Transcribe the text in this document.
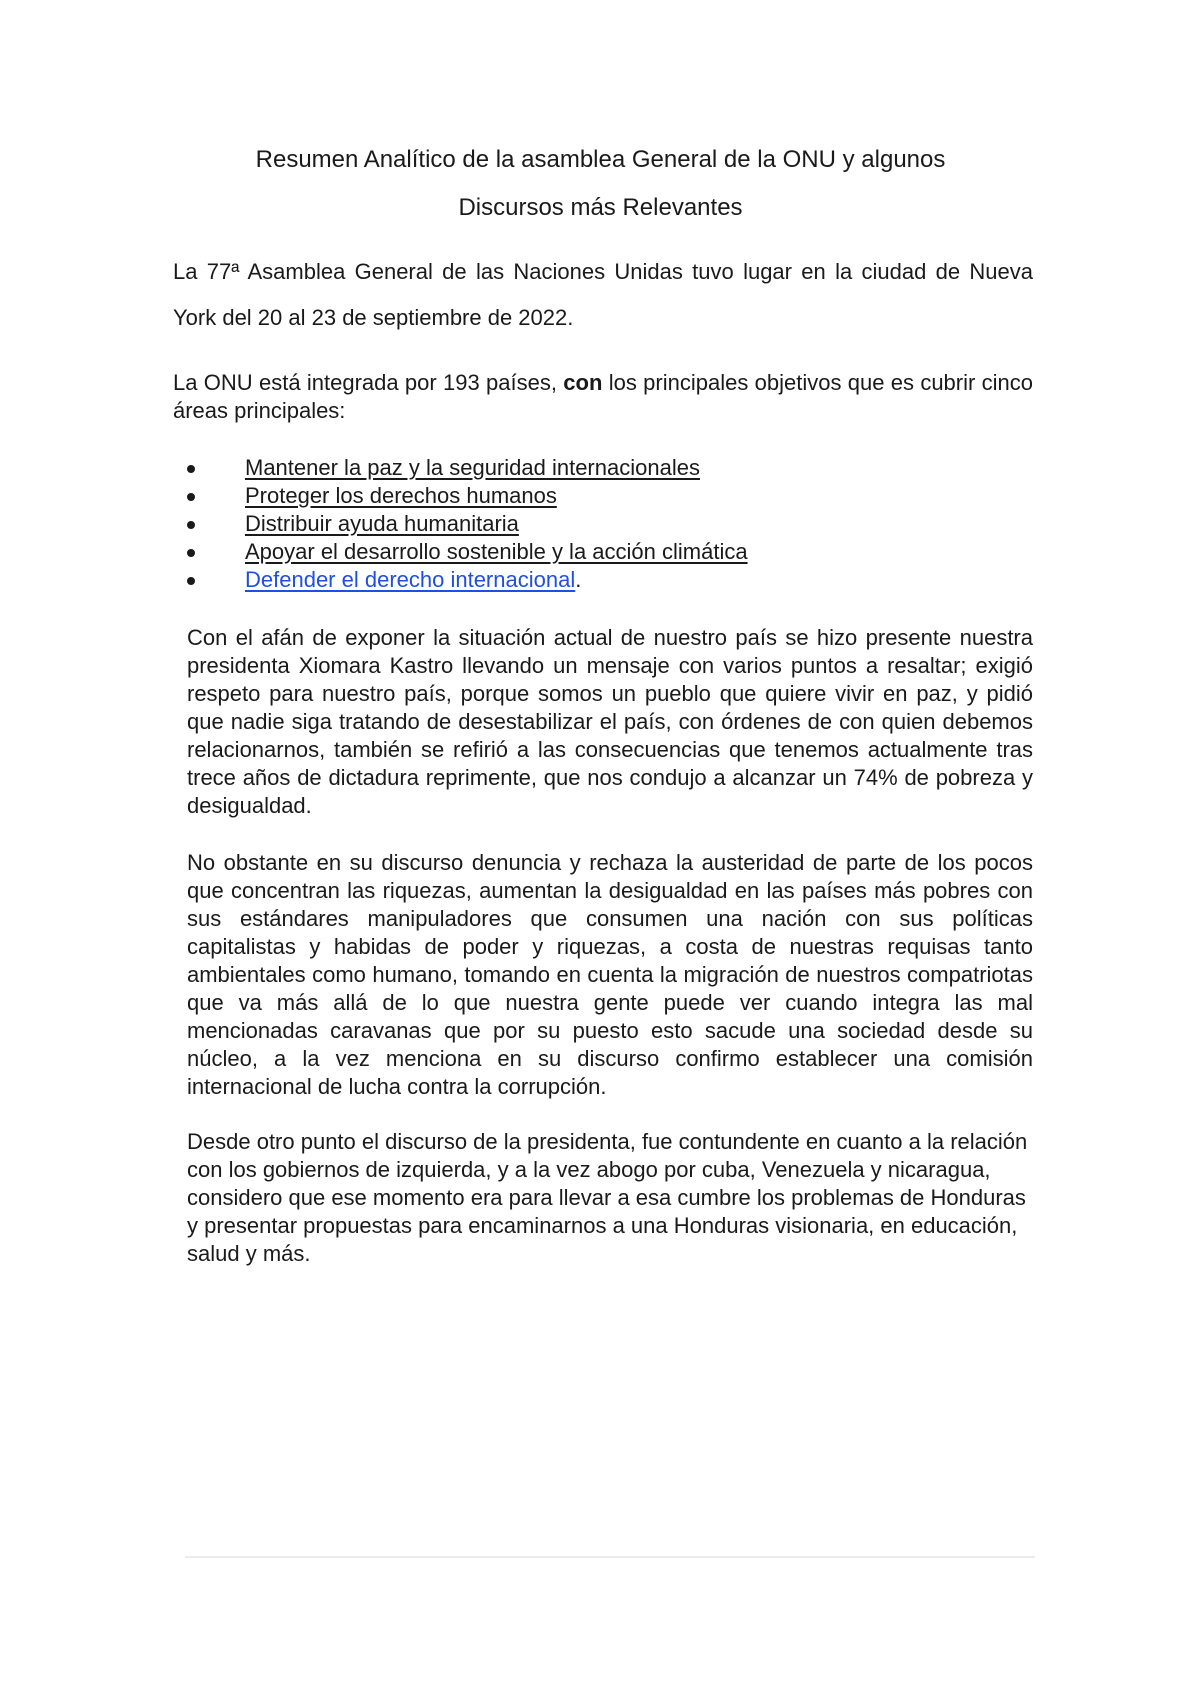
Resumen Analítico de la asamblea General de la ONU y algunos
Discursos más Relevantes

La 77ª Asamblea General de las Naciones Unidas tuvo lugar en la ciudad de Nueva York del 20 al 23 de septiembre de 2022.

La ONU está integrada por 193 países, con los principales objetivos que es cubrir cinco áreas principales:

Mantener la paz y la seguridad internacionales
Proteger los derechos humanos
Distribuir ayuda humanitaria
Apoyar el desarrollo sostenible y la acción climática
Defender el derecho internacional.

Con el afán de exponer la situación actual de nuestro país se hizo presente nuestra presidenta Xiomara Kastro llevando un mensaje con varios puntos a resaltar; exigió respeto para nuestro país, porque somos un pueblo que quiere vivir en paz, y pidió que nadie siga tratando de desestabilizar el país, con órdenes de con quien debemos relacionarnos, también se refirió a las consecuencias que tenemos actualmente tras trece años de dictadura reprimente, que nos condujo a alcanzar un 74% de pobreza y desigualdad.

No obstante en su discurso denuncia y rechaza la austeridad de parte de los pocos que concentran las riquezas, aumentan la desigualdad en las países más pobres con sus estándares manipuladores que consumen una nación con sus políticas capitalistas y habidas de poder y riquezas, a costa de nuestras requisas tanto ambientales como humano, tomando en cuenta la migración de nuestros compatriotas que va más allá de lo que nuestra gente puede ver cuando integra las mal mencionadas caravanas que por su puesto esto sacude una sociedad desde su núcleo, a la vez menciona en su discurso confirmo establecer una comisión internacional de lucha contra la corrupción.

Desde otro punto el discurso de la presidenta, fue contundente en cuanto a la relación con los gobiernos de izquierda, y a la vez abogo por cuba, Venezuela y nicaragua, considero que ese momento era para llevar a esa cumbre los problemas de Honduras y presentar propuestas para encaminarnos a una Honduras visionaria, en educación, salud y más.
